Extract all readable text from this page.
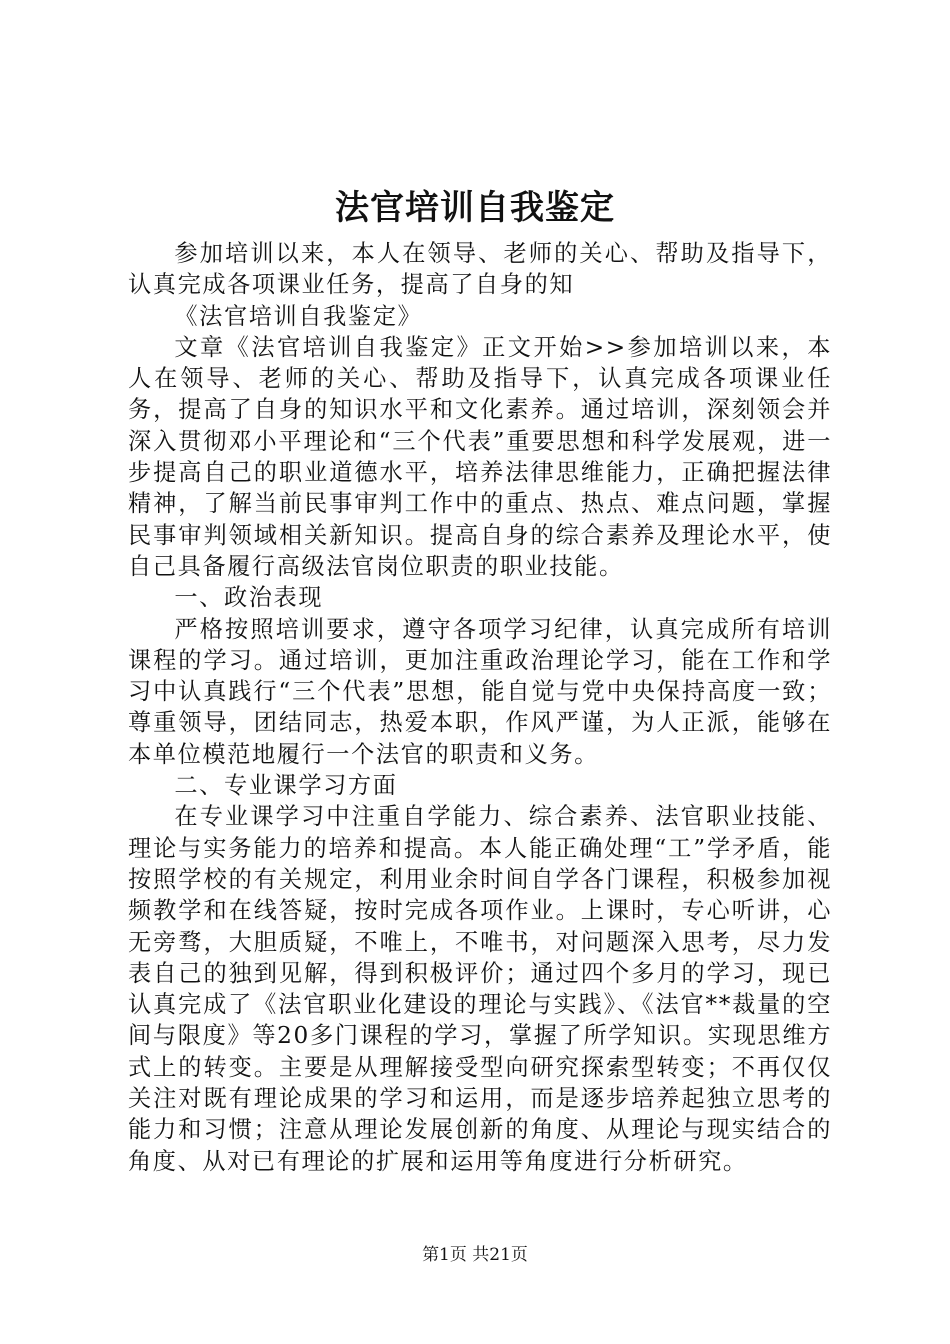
法官培训自我鉴定

参加培训以来，本人在领导、老师的关心、帮助及指导下，认真完成各项课业任务，提高了自身的知

《法官培训自我鉴定》

文章《法官培训自我鉴定》正文开始>>参加培训以来，本人在领导、老师的关心、帮助及指导下，认真完成各项课业任务，提高了自身的知识水平和文化素养。通过培训，深刻领会并深入贯彻邓小平理论和“三个代表”重要思想和科学发展观，进一步提高自己的职业道德水平，培养法律思维能力，正确把握法律精神，了解当前民事审判工作中的重点、热点、难点问题，掌握民事审判领域相关新知识。提高自身的综合素养及理论水平，使自己具备履行高级法官岗位职责的职业技能。

一、政治表现

严格按照培训要求，遵守各项学习纪律，认真完成所有培训课程的学习。通过培训，更加注重政治理论学习，能在工作和学习中认真践行“三个代表”思想，能自觉与党中央保持高度一致；尊重领导，团结同志，热爱本职，作风严谨，为人正派，能够在本单位模范地履行一个法官的职责和义务。

二、专业课学习方面

在专业课学习中注重自学能力、综合素养、法官职业技能、理论与实务能力的培养和提高。本人能正确处理“工”学矛盾，能按照学校的有关规定，利用业余时间自学各门课程，积极参加视频教学和在线答疑，按时完成各项作业。上课时，专心听讲，心无旁骛，大胆质疑，不唯上，不唯书，对问题深入思考，尽力发表自己的独到见解，得到积极评价；通过四个多月的学习，现已认真完成了《法官职业化建设的理论与实践》、《法官**裁量的空间与限度》等20多门课程的学习，掌握了所学知识。实现思维方式上的转变。主要是从理解接受型向研究探索型转变；不再仅仅关注对既有理论成果的学习和运用，而是逐步培养起独立思考的能力和习惯；注意从理论发展创新的角度、从理论与现实结合的角度、从对已有理论的扩展和运用等角度进行分析研究。

第1页 共21页
